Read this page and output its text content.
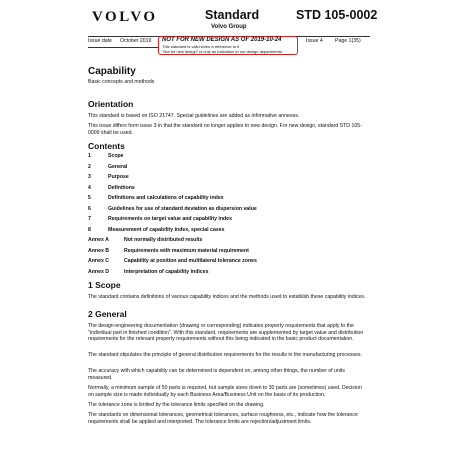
VOLVO	Standard
Volvo Group
STD 105-0002
Issue date October 2019 NOT FOR NEW DESIGN AS OF 2019-10-24
This standard is valid when a reference to it
"Not for new design" is only an indication to our design departments.
Issue 4 Page 1(35)
Capability
Basic concepts and methods
Orientation
This standard is based on ISO 21747. Special guidelines are added as informative annexes.
This issue differs from issue 3 in that the standard no longer applies to new design. For new design, standard STD 105-0009 shall be used.
Contents
1	Scope
2	General
3	Purpose
4	Definitions
5	Definitions and calculations of capability index
6	Guidelines for use of standard deviation as dispersion value
7	Requirements on target value and capability index
8	Measurement of capability index, special cases
Annex A	Not normally distributed results
Annex B	Requirements with maximum material requirement
Annex C	Capability at position and multilateral tolerance zones
Annex D	Interpretation of capability indices
1 Scope
The standard contains definitions of various capability indices and the methods used to establish these capability indices.
2 General
The design-engineering documentation (drawing or corresponding) indicates property requirements that apply to the "individual part in finished condition". With this standard, requirements are supplemented by target value and distribution requirements for the relevant property requirements without this being indicated in the basic product documentation.
The standard stipulates the principle of general distribution requirements for the results in the manufacturing processes.
The accuracy with which capability can be determined is dependent on, among other things, the number of units measured.
Normally, a minimum sample of 50 parts is required, but sample sizes down to 30 parts are (sometimes) used. Decision on sample size is made individually by each Business Area/Business Unit on the basis of its production.
The tolerance zone is limited by the tolerance limits specified on the drawing.
The standards on dimensional tolerances, geometrical tolerances, surface roughness, etc., indicate how the tolerance requirements shall be applied and interpreted. The tolerance limits are rejection/adjustment limits.
